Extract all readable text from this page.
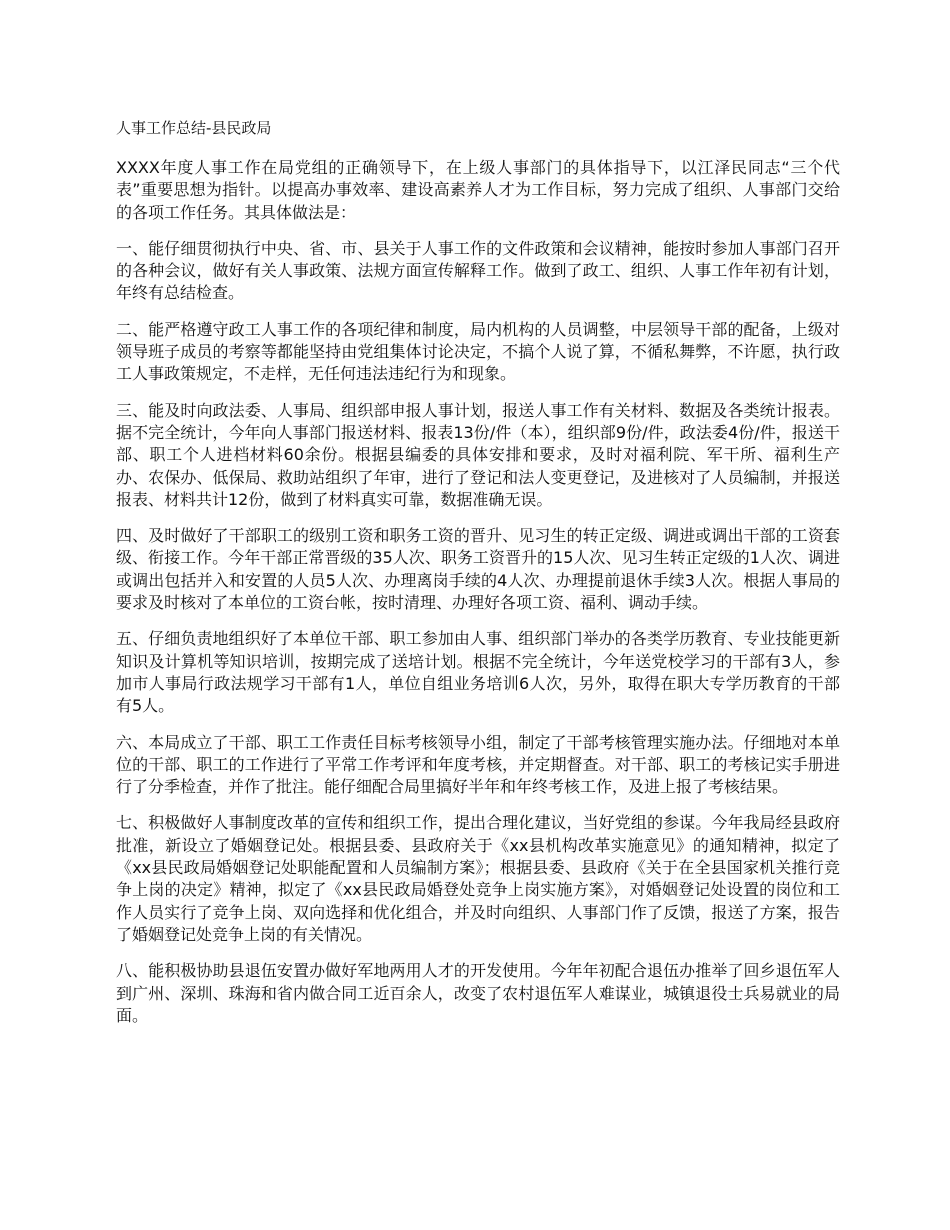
人事工作总结-县民政局

XXXX年度人事工作在局党组的正确领导下，在上级人事部门的具体指导下，以江泽民同志“三个代表”重要思想为指针。以提高办事效率、建设高素养人才为工作目标，努力完成了组织、人事部门交给的各项工作任务。其具体做法是：

一、能仔细贯彻执行中央、省、市、县关于人事工作的文件政策和会议精神，能按时参加人事部门召开的各种会议，做好有关人事政策、法规方面宣传解释工作。做到了政工、组织、人事工作年初有计划，年终有总结检查。

二、能严格遵守政工人事工作的各项纪律和制度，局内机构的人员调整，中层领导干部的配备，上级对领导班子成员的考察等都能坚持由党组集体讨论决定，不搞个人说了算，不循私舞弊，不许愿，执行政工人事政策规定，不走样，无任何违法违纪行为和现象。

三、能及时向政法委、人事局、组织部申报人事计划，报送人事工作有关材料、数据及各类统计报表。据不完全统计，今年向人事部门报送材料、报表13份/件（本），组织部9份/件，政法委4份/件，报送干部、职工个人进档材料60余份。根据县编委的具体安排和要求，及时对福利院、军干所、福利生产办、农保办、低保局、救助站组织了年审，进行了登记和法人变更登记，及进核对了人员编制，并报送报表、材料共计12份，做到了材料真实可靠，数据准确无误。

四、及时做好了干部职工的级别工资和职务工资的晋升、见习生的转正定级、调进或调出干部的工资套级、衔接工作。今年干部正常晋级的35人次、职务工资晋升的15人次、见习生转正定级的1人次、调进或调出包括并入和安置的人员5人次、办理离岗手续的4人次、办理提前退休手续3人次。根据人事局的要求及时核对了本单位的工资台帐，按时清理、办理好各项工资、福利、调动手续。

五、仔细负责地组织好了本单位干部、职工参加由人事、组织部门举办的各类学历教育、专业技能更新知识及计算机等知识培训，按期完成了送培计划。根据不完全统计，今年送党校学习的干部有3人，参加市人事局行政法规学习干部有1人，单位自组业务培训6人次，另外，取得在职大专学历教育的干部有5人。

六、本局成立了干部、职工工作责任目标考核领导小组，制定了干部考核管理实施办法。仔细地对本单位的干部、职工的工作进行了平常工作考评和年度考核，并定期督查。对干部、职工的考核记实手册进行了分季检查，并作了批注。能仔细配合局里搞好半年和年终考核工作，及进上报了考核结果。

七、积极做好人事制度改革的宣传和组织工作，提出合理化建议，当好党组的参谋。今年我局经县政府批准，新设立了婚姻登记处。根据县委、县政府关于《xx县机构改革实施意见》的通知精神，拟定了《xx县民政局婚姻登记处职能配置和人员编制方案》；根据县委、县政府《关于在全县国家机关推行竞争上岗的决定》精神，拟定了《xx县民政局婚登处竞争上岗实施方案》，对婚姻登记处设置的岗位和工作人员实行了竞争上岗、双向选择和优化组合，并及时向组织、人事部门作了反馈，报送了方案，报告了婚姻登记处竞争上岗的有关情况。

八、能积极协助县退伍安置办做好军地两用人才的开发使用。今年年初配合退伍办推举了回乡退伍军人到广州、深圳、珠海和省内做合同工近百余人，改变了农村退伍军人难谋业，城镇退役士兵易就业的局面。
